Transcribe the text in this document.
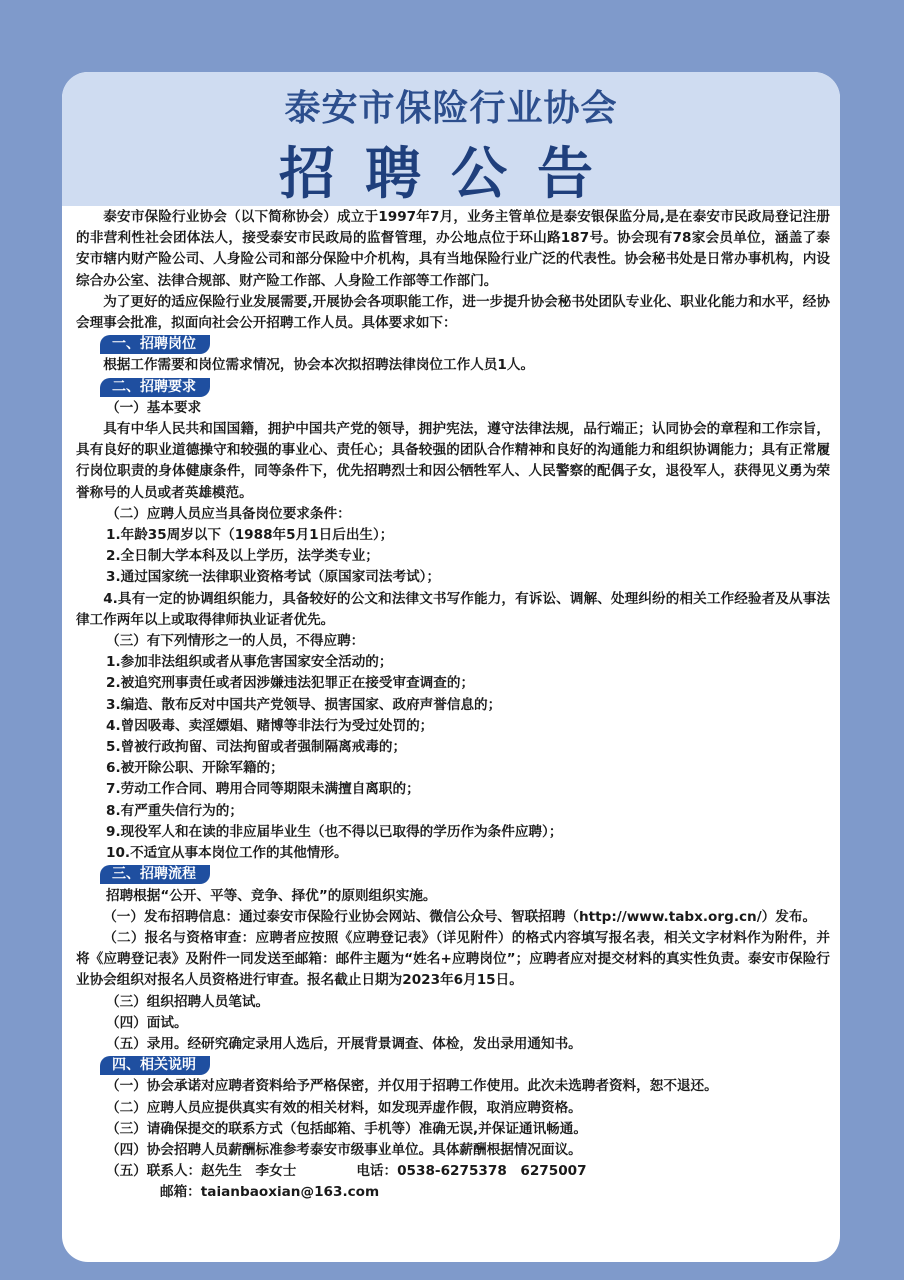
泰安市保险行业协会
招聘公告

泰安市保险行业协会（以下简称协会）成立于1997年7月，业务主管单位是泰安银保监分局,是在泰安市民政局登记注册的非营利性社会团体法人，接受泰安市民政局的监督管理，办公地点位于环山路187号。协会现有78家会员单位，涵盖了泰安市辖内财产险公司、人身险公司和部分保险中介机构，具有当地保险行业广泛的代表性。协会秘书处是日常办事机构，内设综合办公室、法律合规部、财产险工作部、人身险工作部等工作部门。

为了更好的适应保险行业发展需要,开展协会各项职能工作，进一步提升协会秘书处团队专业化、职业化能力和水平，经协会理事会批准，拟面向社会公开招聘工作人员。具体要求如下：

一、招聘岗位

根据工作需要和岗位需求情况，协会本次拟招聘法律岗位工作人员1人。

二、招聘要求

（一）基本要求

具有中华人民共和国国籍，拥护中国共产党的领导，拥护宪法，遵守法律法规，品行端正；认同协会的章程和工作宗旨，具有良好的职业道德操守和较强的事业心、责任心；具备较强的团队合作精神和良好的沟通能力和组织协调能力；具有正常履行岗位职责的身体健康条件，同等条件下，优先招聘烈士和因公牺牲军人、人民警察的配偶子女，退役军人，获得见义勇为荣誉称号的人员或者英雄模范。

（二）应聘人员应当具备岗位要求条件：

1.年龄35周岁以下（1988年5月1日后出生）；

2.全日制大学本科及以上学历，法学类专业；

3.通过国家统一法律职业资格考试（原国家司法考试）；

4.具有一定的协调组织能力，具备较好的公文和法律文书写作能力，有诉讼、调解、处理纠纷的相关工作经验者及从事法律工作两年以上或取得律师执业证者优先。

（三）有下列情形之一的人员，不得应聘：

1.参加非法组织或者从事危害国家安全活动的；

2.被追究刑事责任或者因涉嫌违法犯罪正在接受审查调查的；

3.编造、散布反对中国共产党领导、损害国家、政府声誉信息的；

4.曾因吸毒、卖淫嫖娼、赌博等非法行为受过处罚的；

5.曾被行政拘留、司法拘留或者强制隔离戒毒的；

6.被开除公职、开除军籍的；

7.劳动工作合同、聘用合同等期限未满擅自离职的；

8.有严重失信行为的；

9.现役军人和在读的非应届毕业生（也不得以已取得的学历作为条件应聘）；

10.不适宜从事本岗位工作的其他情形。

三、招聘流程

招聘根据“公开、平等、竞争、择优”的原则组织实施。

（一）发布招聘信息：通过泰安市保险行业协会网站、微信公众号、智联招聘（http://www.tabx.org.cn/）发布。

（二）报名与资格审查：应聘者应按照《应聘登记表》（详见附件）的格式内容填写报名表，相关文字材料作为附件，并将《应聘登记表》及附件一同发送至邮箱：邮件主题为“姓名+应聘岗位”；应聘者应对提交材料的真实性负责。泰安市保险行业协会组织对报名人员资格进行审查。报名截止日期为2023年6月15日。

（三）组织招聘人员笔试。

（四）面试。

（五）录用。经研究确定录用人选后，开展背景调查、体检，发出录用通知书。

四、相关说明

（一）协会承诺对应聘者资料给予严格保密，并仅用于招聘工作使用。此次未选聘者资料，恕不退还。

（二）应聘人员应提供真实有效的相关材料，如发现弄虚作假，取消应聘资格。

（三）请确保提交的联系方式（包括邮箱、手机等）准确无误,并保证通讯畅通。

（四）协会招聘人员薪酬标准参考泰安市级事业单位。具体薪酬根据情况面议。

（五）联系人：赵先生　李女士	电话：0538-6275378　6275007

邮箱：taianbaoxian@163.com
